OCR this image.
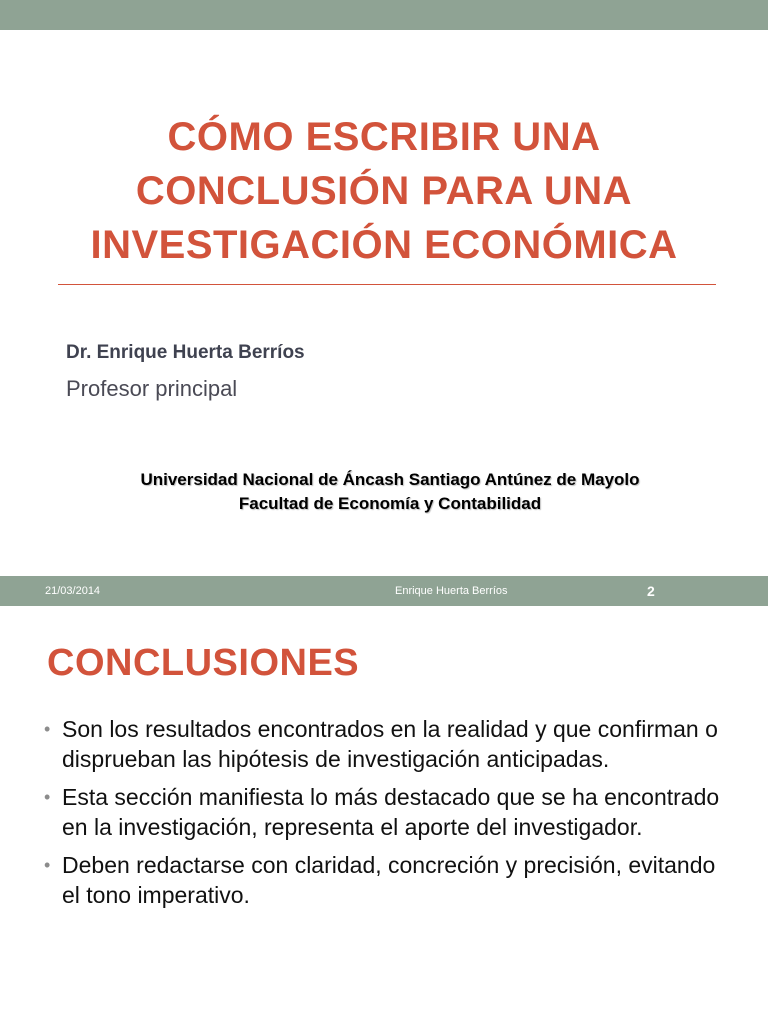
CÓMO ESCRIBIR UNA
CONCLUSIÓN PARA UNA
INVESTIGACIÓN ECONÓMICA
Dr. Enrique Huerta Berríos
Profesor principal
Universidad Nacional de Áncash Santiago Antúnez de Mayolo
Facultad de Economía y Contabilidad
21/03/2014	Enrique Huerta Berríos	2
CONCLUSIONES
• Son los resultados encontrados en la realidad y que confirman o disprueban las hipótesis de investigación anticipadas.
• Esta sección manifiesta lo más destacado que se ha encontrado en la investigación, representa el aporte del investigador.
• Deben redactarse con claridad, concreción y precisión, evitando el tono imperativo.
